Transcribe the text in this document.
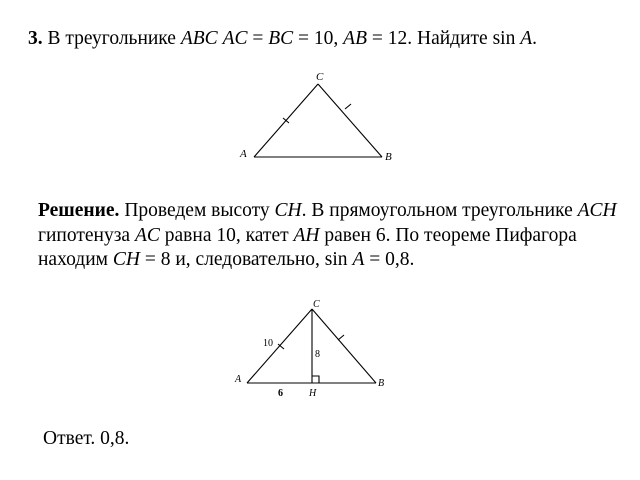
3. В треугольнике ABC AC = BC = 10, AB = 12. Найдите sin A.
C
A	B
Решение. Проведем высоту CH. В прямоугольном треугольнике ACH гипотенуза AC равна 10, катет AH равен 6. По теореме Пифагора находим CH = 8 и, следовательно, sin A = 0,8.
C
A	B
H
10
8
6
Ответ. 0,8.
